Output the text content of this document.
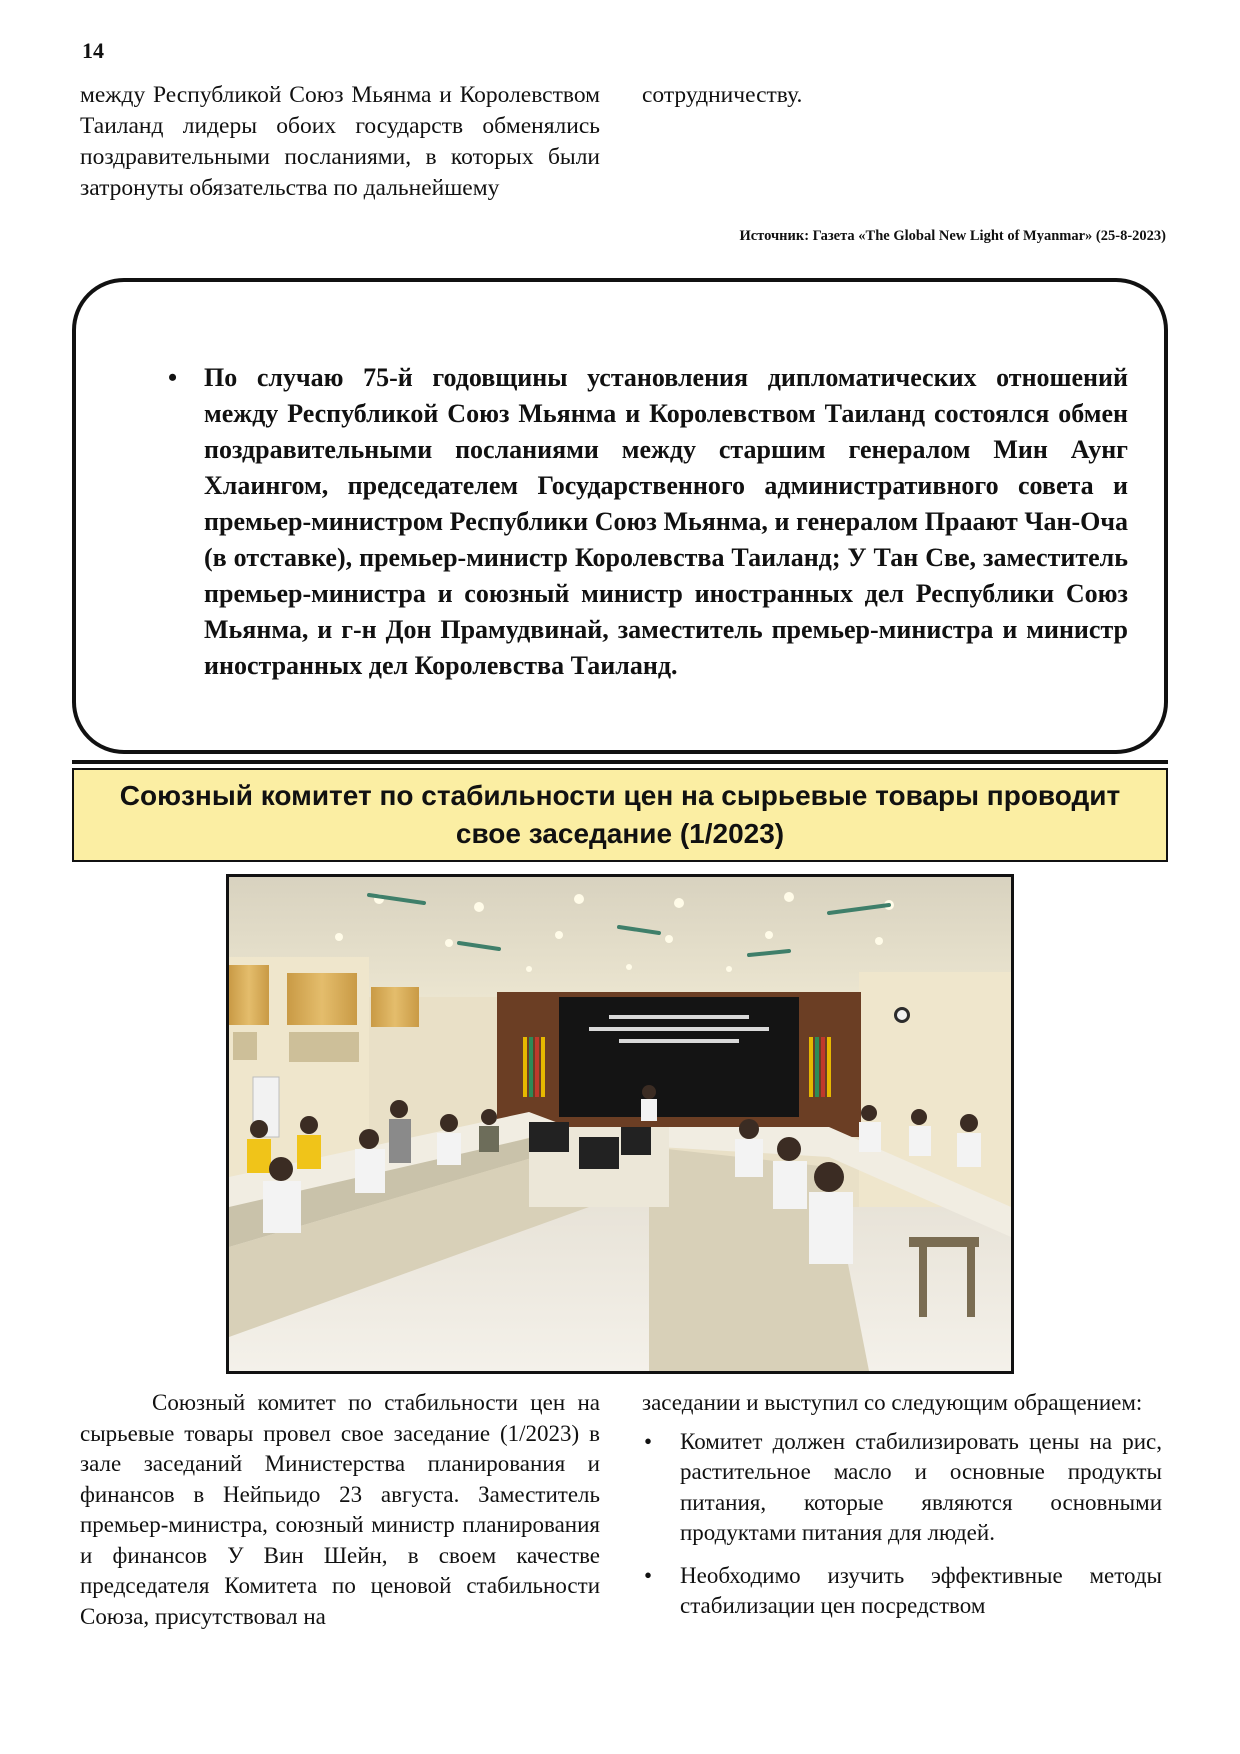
14

между Республикой Союз Мьянма и Королевством Таиланд лидеры обоих государств обменялись поздравительными посланиями, в которых были затронуты обязательства по дальнейшему

сотрудничеству.

Источник: Газета «The Global New Light of Myanmar» (25-8-2023)
• По случаю 75-й годовщины установления дипломатических отношений между Республикой Союз Мьянма и Королевством Таиланд состоялся обмен поздравительными посланиями между старшим генералом Мин Аунг Хлаингом, председателем Государственного административного совета и премьер-министром Республики Союз Мьянма, и генералом Праают Чан-Оча (в отставке), премьер-министр Королевства Таиланд; У Тан Све, заместитель премьер-министра и союзный министр иностранных дел Республики Союз Мьянма, и г-н Дон Прамудвинай, заместитель премьер-министра и министр иностранных дел Королевства Таиланд.
Союзный комитет по стабильности цен на сырьевые товары проводит свое заседание (1/2023)

Союзный комитет по стабильности цен на сырьевые товары провел свое заседание (1/2023) в зале заседаний Министерства планирования и финансов в Нейпьидо 23 августа. Заместитель премьер-министра, союзный министр планирования и финансов У Вин Шейн, в своем качестве председателя Комитета по ценовой стабильности Союза, присутствовал на

заседании и выступил со следующим обращением:

• Комитет должен стабилизировать цены на рис, растительное масло и основные продукты питания, которые являются основными продуктами питания для людей.
• Необходимо изучить эффективные методы стабилизации цен посредством
